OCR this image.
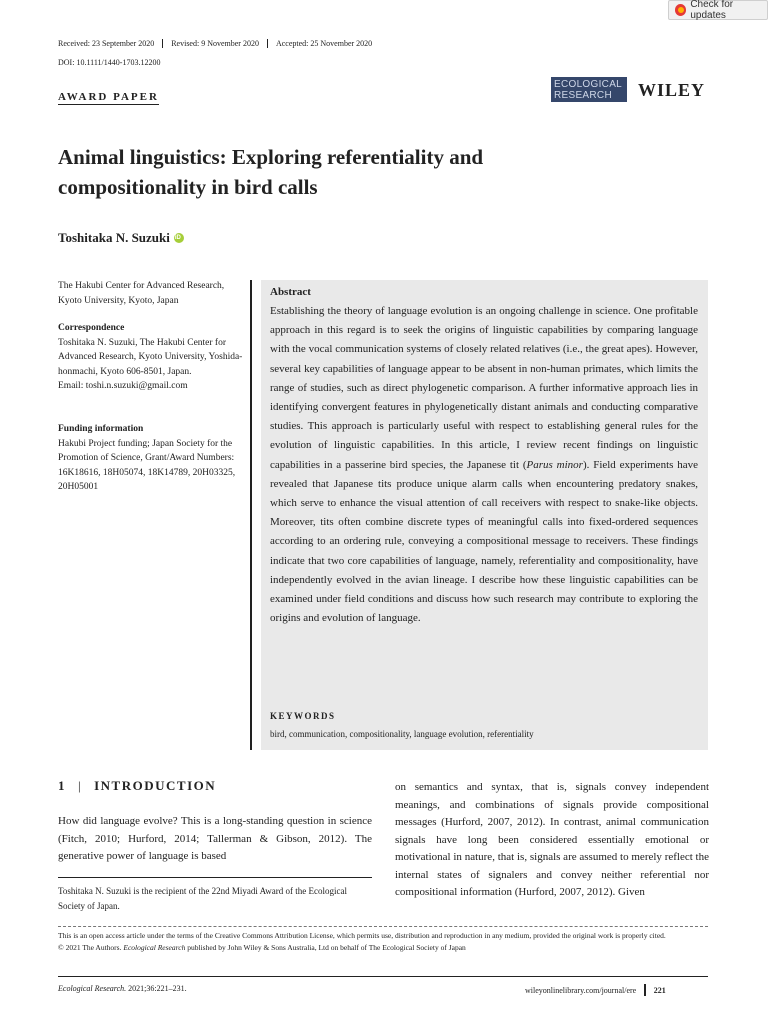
Check for updates
Received: 23 September 2020	Revised: 9 November 2020	Accepted: 25 November 2020
DOI: 10.1111/1440-1703.12200
AWARD PAPER
ECOLOGICAL
RESEARCH	WILEY
Animal linguistics: Exploring referentiality and compositionality in bird calls
Toshitaka N. Suzuki
iD
The Hakubi Center for Advanced Research, Kyoto University, Kyoto, Japan
Correspondence
Toshitaka N. Suzuki, The Hakubi Center for Advanced Research, Kyoto University, Yoshida-honmachi, Kyoto 606-8501, Japan.
Email: toshi.n.suzuki@gmail.com
Funding information
Hakubi Project funding; Japan Society for the Promotion of Science, Grant/Award Numbers: 16K18616, 18H05074, 18K14789, 20H03325, 20H05001
Abstract
Establishing the theory of language evolution is an ongoing challenge in science. One profitable approach in this regard is to seek the origins of linguistic capabilities by comparing language with the vocal communication systems of closely related relatives (i.e., the great apes). However, several key capabilities of language appear to be absent in non-human primates, which limits the range of studies, such as direct phylogenetic comparison. A further informative approach lies in identifying convergent features in phylogenetically distant animals and conducting comparative studies. This approach is particularly useful with respect to establishing general rules for the evolution of linguistic capabilities. In this article, I review recent findings on linguistic capabilities in a passerine bird species, the Japanese tit (Parus minor). Field experiments have revealed that Japanese tits produce unique alarm calls when encountering predatory snakes, which serve to enhance the visual attention of call receivers with respect to snake-like objects. Moreover, tits often combine discrete types of meaningful calls into fixed-ordered sequences according to an ordering rule, conveying a compositional message to receivers. These findings indicate that two core capabilities of language, namely, referentiality and compositionality, have independently evolved in the avian lineage. I describe how these linguistic capabilities can be examined under field conditions and discuss how such research may contribute to exploring the origins and evolution of language.
KEYWORDS
bird, communication, compositionality, language evolution, referentiality
1 | INTRODUCTION
How did language evolve? This is a long-standing question in science (Fitch, 2010; Hurford, 2014; Tallerman & Gibson, 2012). The generative power of language is based
on semantics and syntax, that is, signals convey independent meanings, and combinations of signals provide compositional messages (Hurford, 2007, 2012). In contrast, animal communication signals have long been considered essentially emotional or motivational in nature, that is, signals are assumed to merely reflect the internal states of signalers and convey neither referential nor compositional information (Hurford, 2007, 2012). Given
Toshitaka N. Suzuki is the recipient of the 22nd Miyadi Award of the Ecological Society of Japan.
This is an open access article under the terms of the Creative Commons Attribution License, which permits use, distribution and reproduction in any medium, provided the original work is properly cited.
© 2021 The Authors. Ecological Research published by John Wiley & Sons Australia, Ltd on behalf of The Ecological Society of Japan
Ecological Research. 2021;36:221–231.	wileyonlinelibrary.com/journal/ere 221
